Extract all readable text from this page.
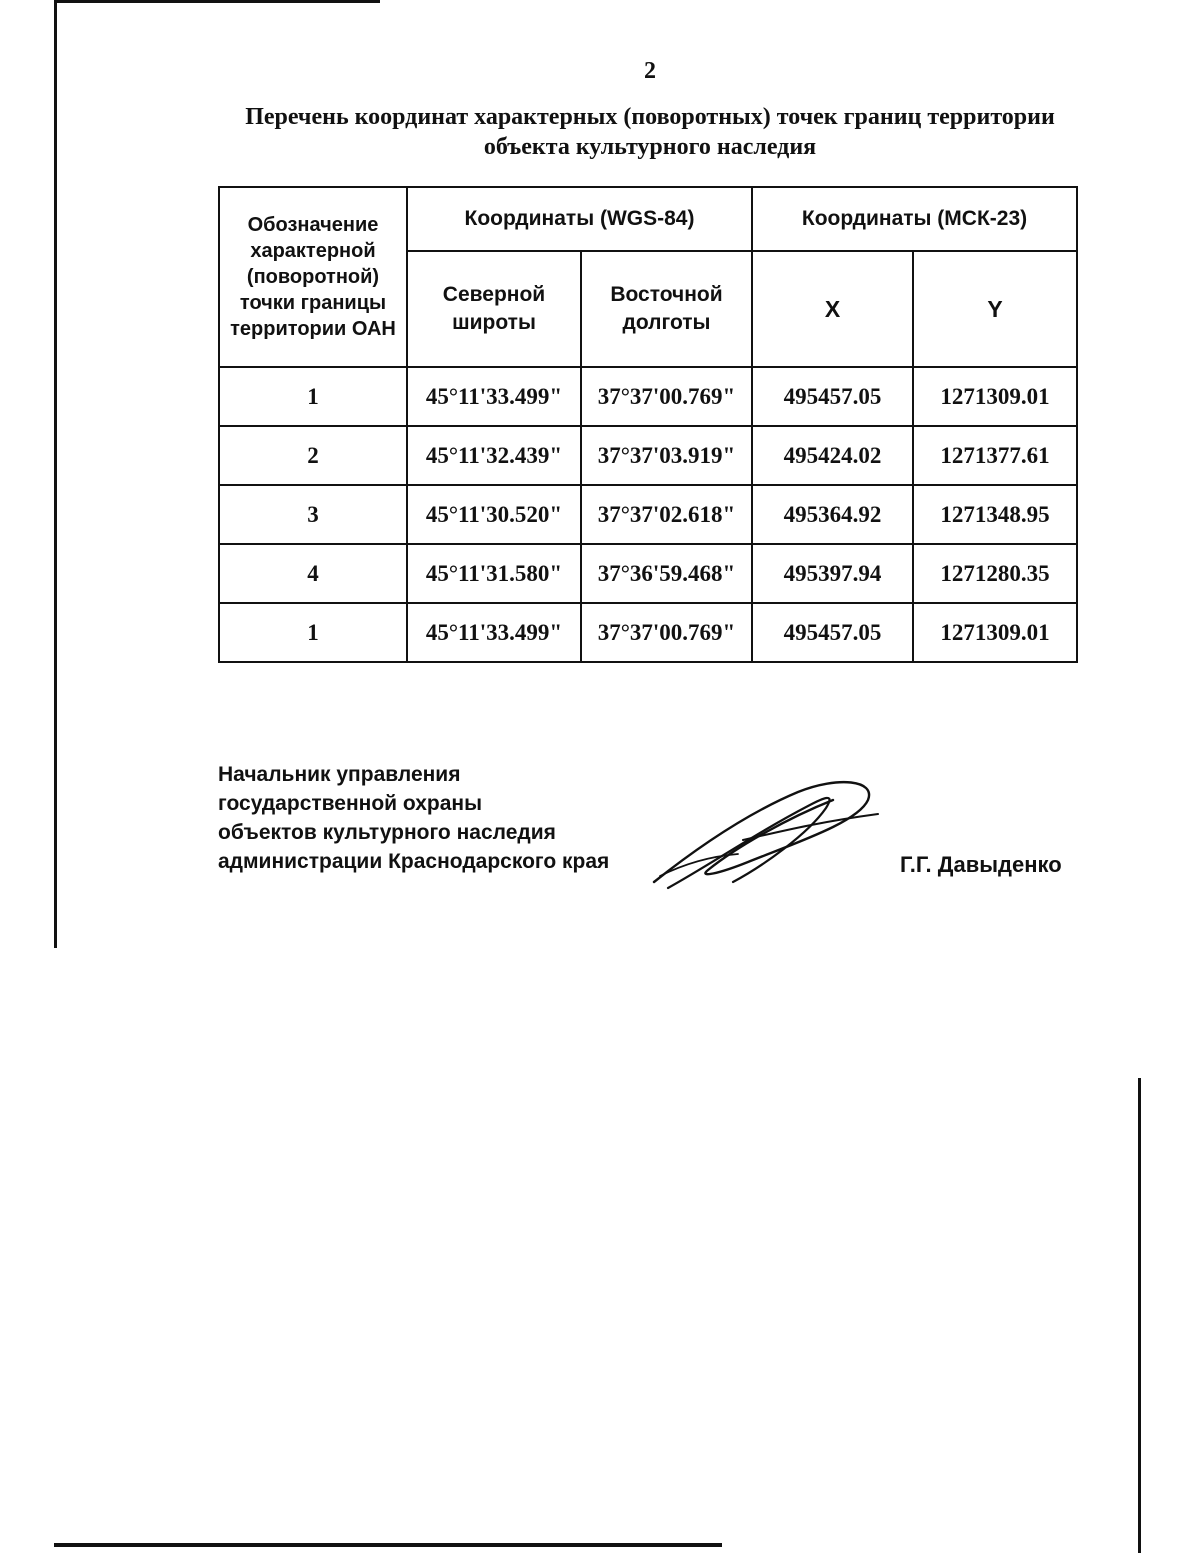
2
Перечень координат характерных (поворотных) точек границ территории
объекта культурного наследия
Обозначение характерной (поворотной) точки границы территории ОАН	Координаты (WGS-84)		Координаты (МСК-23)	
	Северной широты	Восточной долготы	X	Y
1	45°11'33.499"	37°37'00.769"	495457.05	1271309.01
2	45°11'32.439"	37°37'03.919"	495424.02	1271377.61
3	45°11'30.520"	37°37'02.618"	495364.92	1271348.95
4	45°11'31.580"	37°36'59.468"	495397.94	1271280.35
1	45°11'33.499"	37°37'00.769"	495457.05	1271309.01
Начальник управления
государственной охраны
объектов культурного наследия
администрации Краснодарского края	Г.Г. Давыденко
